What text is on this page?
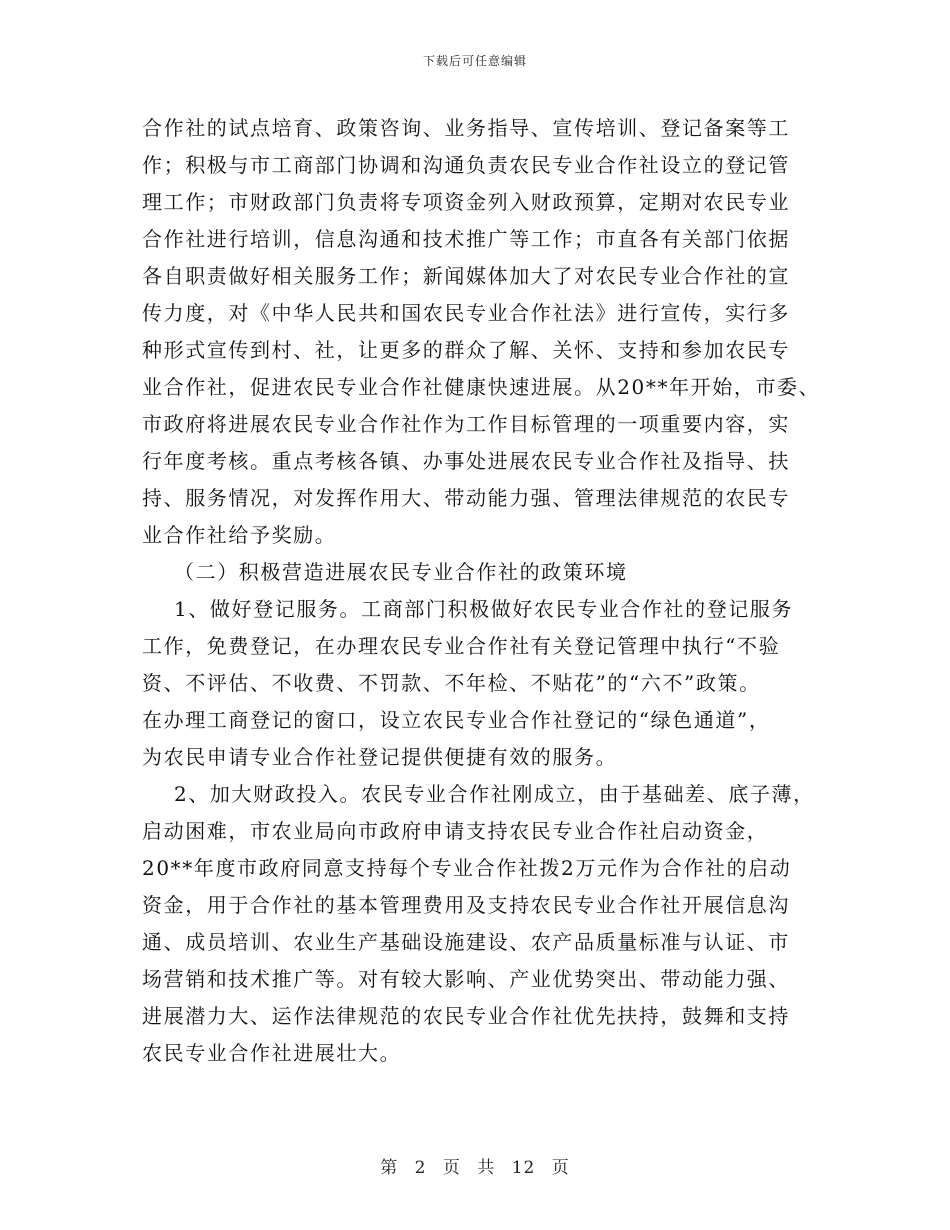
下载后可任意编辑
合作社的试点培育、政策咨询、业务指导、宣传培训、登记备案等工
作；积极与市工商部门协调和沟通负责农民专业合作社设立的登记管
理工作；市财政部门负责将专项资金列入财政预算，定期对农民专业
合作社进行培训，信息沟通和技术推广等工作；市直各有关部门依据
各自职责做好相关服务工作；新闻媒体加大了对农民专业合作社的宣
传力度，对《中华人民共和国农民专业合作社法》进行宣传，实行多
种形式宣传到村、社，让更多的群众了解、关怀、支持和参加农民专
业合作社，促进农民专业合作社健康快速进展。从20**年开始，市委、
市政府将进展农民专业合作社作为工作目标管理的一项重要内容，实
行年度考核。重点考核各镇、办事处进展农民专业合作社及指导、扶
持、服务情况，对发挥作用大、带动能力强、管理法律规范的农民专
业合作社给予奖励。
（二）积极营造进展农民专业合作社的政策环境
1、做好登记服务。工商部门积极做好农民专业合作社的登记服务
工作，免费登记，在办理农民专业合作社有关登记管理中执行“不验
资、不评估、不收费、不罚款、不年检、不贴花”的“六不”政策。
在办理工商登记的窗口，设立农民专业合作社登记的“绿色通道”，
为农民申请专业合作社登记提供便捷有效的服务。
2、加大财政投入。农民专业合作社刚成立，由于基础差、底子薄，
启动困难，市农业局向市政府申请支持农民专业合作社启动资金，
20**年度市政府同意支持每个专业合作社拨2万元作为合作社的启动
资金，用于合作社的基本管理费用及支持农民专业合作社开展信息沟
通、成员培训、农业生产基础设施建设、农产品质量标准与认证、市
场营销和技术推广等。对有较大影响、产业优势突出、带动能力强、
进展潜力大、运作法律规范的农民专业合作社优先扶持，鼓舞和支持
农民专业合作社进展壮大。
第 2 页 共 12 页
